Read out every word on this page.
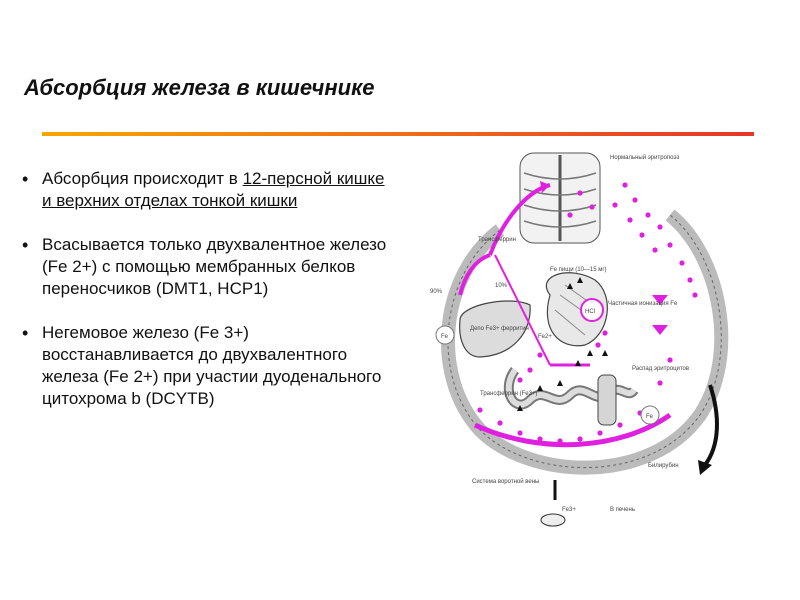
Абсорбция железа в кишечнике
• Абсорбция происходит в 12-персной кишке и верхних отделах тонкой кишки
• Всасывается только двухвалентное железо (Fe 2+) с помощью мембранных белков переносчиков (DMT1, HCP1)
• Негемовое железо (Fe 3+) восстанавливается до двухвалентного железа (Fe 2+) при участии дуоденального цитохрома b (DCYTB)
Fe
Fe
HCl
Нормальный эритропоэз
Трансферрин
Fe пищи (10—15 мг)
Частичная ионизация Fe
90%
10%
Депо Fe3+ ферритин
Fe2+
Распад эритроцитов
Трансферрин (Fe3+)
Билирубин
Система воротной вены
Fe3+	В печень
